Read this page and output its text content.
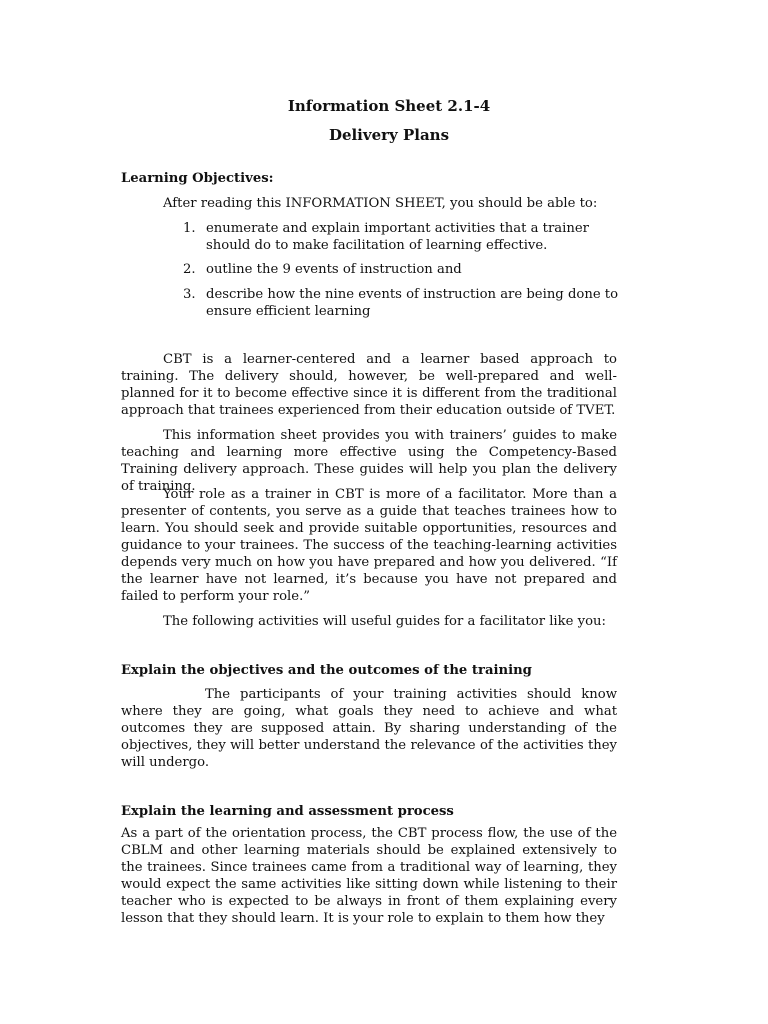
Information Sheet 2.1-4
Delivery Plans
Learning Objectives:
After reading this INFORMATION SHEET, you should be able to:
1. enumerate and explain important activities that a trainer should do to make facilitation of learning effective.
2. outline the 9 events of instruction and
3. describe how the nine events of instruction are being done to ensure efficient learning

CBT is a learner-centered and a learner based approach to training. The delivery should, however, be well-prepared and well-planned for it to become effective since it is different from the traditional approach that trainees experienced from their education outside of TVET.

This information sheet provides you with trainers’ guides to make teaching and learning more effective using the Competency-Based Training delivery approach. These guides will help you plan the delivery of training.

Your role as a trainer in CBT is more of a facilitator. More than a presenter of contents, you serve as a guide that teaches trainees how to learn. You should seek and provide suitable opportunities, resources and guidance to your trainees. The success of the teaching-learning activities depends very much on how you have prepared and how you delivered. “If the learner have not learned, it’s because you have not prepared and failed to perform your role.”

The following activities will useful guides for a facilitator like you:

Explain the objectives and the outcomes of the training

The participants of your training activities should know where they are going, what goals they need to achieve and what outcomes they are supposed attain. By sharing understanding of the objectives, they will better understand the relevance of the activities they will undergo.

Explain the learning and assessment process

As a part of the orientation process, the CBT process flow, the use of the CBLM and other learning materials should be explained extensively to the trainees. Since trainees came from a traditional way of learning, they would expect the same activities like sitting down while listening to their teacher who is expected to be always in front of them explaining every lesson that they should learn. It is your role to explain to them how they
